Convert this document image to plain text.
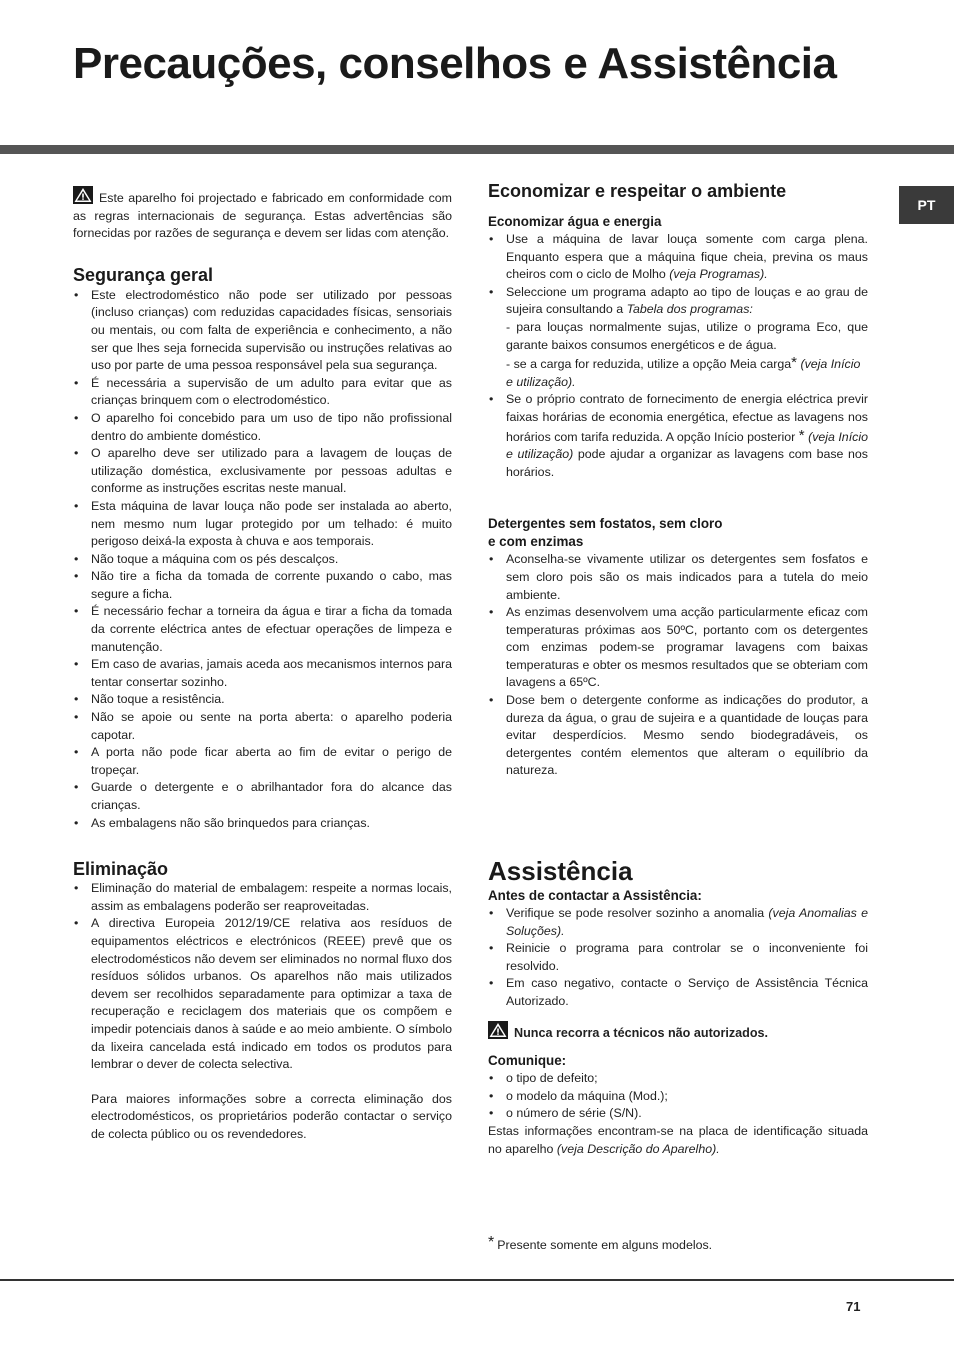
Precauções, conselhos e Assistência
PT

Este aparelho foi projectado e fabricado em conformidade com as regras internacionais de segurança. Estas advertências são fornecidas por razões de segurança e devem ser lidas com atenção.

Segurança geral
• Este electrodoméstico não pode ser utilizado por pessoas (incluso crianças) com reduzidas capacidades físicas, sensoriais ou mentais, ou com falta de experiência e conhecimento, a não ser que lhes seja fornecida supervisão ou instruções relativas ao uso por parte de uma pessoa responsável pela sua segurança.
• É necessária a supervisão de um adulto para evitar que as crianças brinquem com o electrodoméstico.
• O aparelho foi concebido para um uso de tipo não profissional dentro do ambiente doméstico.
• O aparelho deve ser utilizado para a lavagem de louças de utilização doméstica, exclusivamente por pessoas adultas e conforme as instruções escritas neste manual.
• Esta máquina de lavar louça não pode ser instalada ao aberto, nem mesmo num lugar protegido por um telhado: é muito perigoso deixá-la exposta à chuva e aos temporais.
• Não toque a máquina com os pés descalços.
• Não tire a ficha da tomada de corrente puxando o cabo, mas segure a ficha.
• É necessário fechar a torneira da água e tirar a ficha da tomada da corrente eléctrica antes de efectuar operações de limpeza e manutenção.
• Em caso de avarias, jamais aceda aos mecanismos internos para tentar consertar sozinho.
• Não toque a resistência.
• Não se apoie ou sente na porta aberta: o aparelho poderia capotar.
• A porta não pode ficar aberta ao fim de evitar o perigo de tropeçar.
• Guarde o detergente e o abrilhantador fora do alcance das crianças.
• As embalagens não são brinquedos para crianças.
Eliminação
• Eliminação do material de embalagem: respeite a normas locais, assim as embalagens poderão ser reaproveitadas.
• A directiva Europeia 2012/19/CE relativa aos resíduos de equipamentos eléctricos e electrónicos (REEE) prevê que os electrodomésticos não devem ser eliminados no normal fluxo dos resíduos sólidos urbanos. Os aparelhos não mais utilizados devem ser recolhidos separadamente para optimizar a taxa de recuperação e reciclagem dos materiais que os compõem e impedir potenciais danos à saúde e ao meio ambiente. O símbolo da lixeira cancelada está indicado em todos os produtos para lembrar o dever de colecta selectiva.

Para maiores informações sobre a correcta eliminação dos electrodomésticos, os proprietários poderão contactar o serviço de colecta público ou os revendedores.

Economizar e respeitar o ambiente
Economizar água e energia
• Use a máquina de lavar louça somente com carga plena. Enquanto espera que a máquina fique cheia, previna os maus cheiros com o ciclo de Molho (veja Programas).
• Seleccione um programa adapto ao tipo de louças e ao grau de sujeira consultando a Tabela dos programas:
- para louças normalmente sujas, utilize o programa Eco, que garante baixos consumos energéticos e de água.
- se a carga for reduzida, utilize a opção Meia carga* (veja Início e utilização).
• Se o próprio contrato de fornecimento de energia eléctrica previr faixas horárias de economia energética, efectue as lavagens nos horários com tarifa reduzida. A opção Início posterior * (veja Início e utilização) pode ajudar a organizar as lavagens com base nos horários.
Detergentes sem fostatos, sem cloro
e com enzimas
• Aconselha-se vivamente utilizar os detergentes sem fosfatos e sem cloro pois são os mais indicados para a tutela do meio ambiente.
• As enzimas desenvolvem uma acção particularmente eficaz com temperaturas próximas aos 50ºC, portanto com os detergentes com enzimas podem-se programar lavagens com baixas temperaturas e obter os mesmos resultados que se obteriam com lavagens a 65ºC.
• Dose bem o detergente conforme as indicações do produtor, a dureza da água, o grau de sujeira e a quantidade de louças para evitar desperdícios. Mesmo sendo biodegradáveis, os detergentes contém elementos que alteram o equilíbrio da natureza.
Assistência
Antes de contactar a Assistência:
• Verifique se pode resolver sozinho a anomalia (veja Anomalias e Soluções).
• Reinicie o programa para controlar se o inconveniente foi resolvido.
• Em caso negativo, contacte o Serviço de Assistência Técnica Autorizado.

Nunca recorra a técnicos não autorizados.

Comunique:
• o tipo de defeito;
• o modelo da máquina (Mod.);
• o número de série (S/N).

Estas informações encontram-se na placa de identificação situada no aparelho (veja Descrição do Aparelho).

* Presente somente em alguns modelos.
71
